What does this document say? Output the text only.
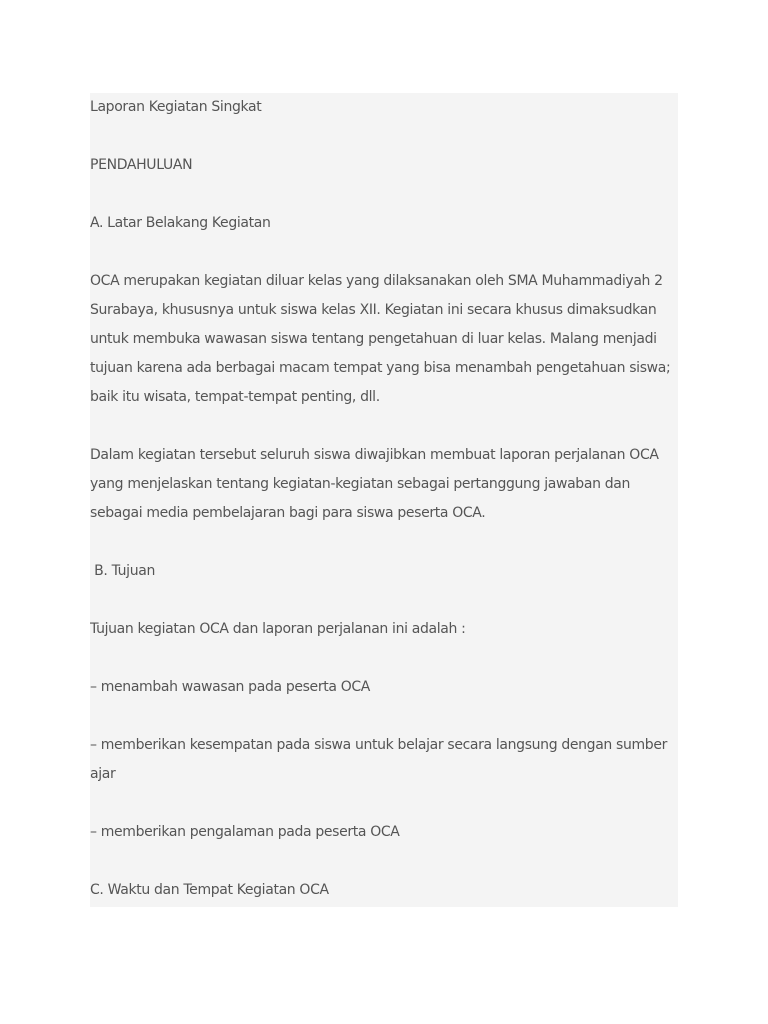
Laporan Kegiatan Singkat

PENDAHULUAN

A. Latar Belakang Kegiatan

OCA merupakan kegiatan diluar kelas yang dilaksanakan oleh SMA Muhammadiyah 2 Surabaya, khususnya untuk siswa kelas XII. Kegiatan ini secara khusus dimaksudkan untuk membuka wawasan siswa tentang pengetahuan di luar kelas. Malang menjadi tujuan karena ada berbagai macam tempat yang bisa menambah pengetahuan siswa; baik itu wisata, tempat-tempat penting, dll.

Dalam kegiatan tersebut seluruh siswa diwajibkan membuat laporan perjalanan OCA yang menjelaskan tentang kegiatan-kegiatan sebagai pertanggung jawaban dan sebagai media pembelajaran bagi para siswa peserta OCA.

B. Tujuan

Tujuan kegiatan OCA dan laporan perjalanan ini adalah :

– menambah wawasan pada peserta OCA

– memberikan kesempatan pada siswa untuk belajar secara langsung dengan sumber ajar

– memberikan pengalaman pada peserta OCA

C. Waktu dan Tempat Kegiatan OCA
